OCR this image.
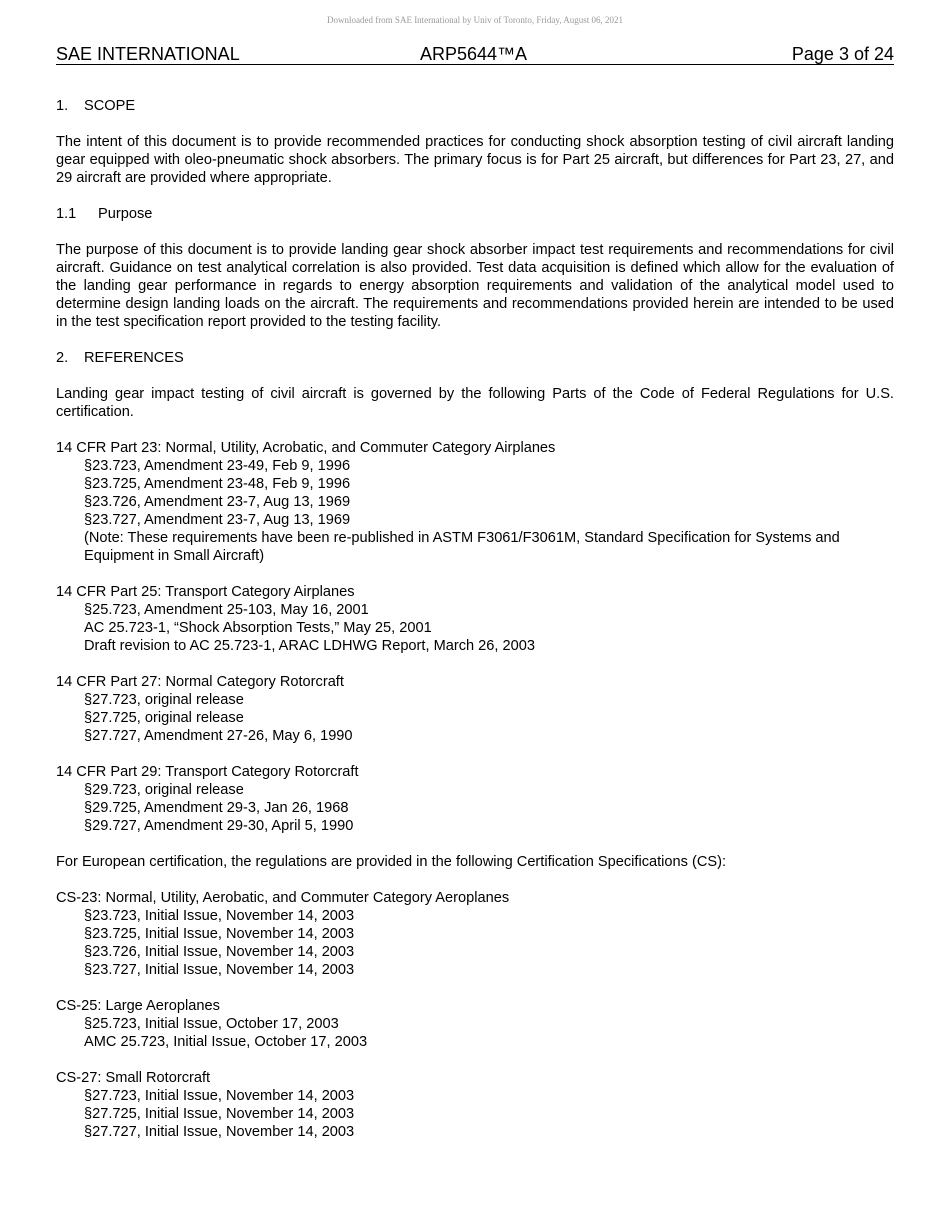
Downloaded from SAE International by Univ of Toronto, Friday, August 06, 2021
SAE INTERNATIONAL	ARP5644™A	Page 3 of 24
1. SCOPE

The intent of this document is to provide recommended practices for conducting shock absorption testing of civil aircraft landing gear equipped with oleo-pneumatic shock absorbers. The primary focus is for Part 25 aircraft, but differences for Part 23, 27, and 29 aircraft are provided where appropriate.

1.1 Purpose

The purpose of this document is to provide landing gear shock absorber impact test requirements and recommendations for civil aircraft. Guidance on test analytical correlation is also provided. Test data acquisition is defined which allow for the evaluation of the landing gear performance in regards to energy absorption requirements and validation of the analytical model used to determine design landing loads on the aircraft. The requirements and recommendations provided herein are intended to be used in the test specification report provided to the testing facility.

2. REFERENCES

Landing gear impact testing of civil aircraft is governed by the following Parts of the Code of Federal Regulations for U.S. certification.

14 CFR Part 23: Normal, Utility, Acrobatic, and Commuter Category Airplanes
§23.723, Amendment 23-49, Feb 9, 1996
§23.725, Amendment 23-48, Feb 9, 1996
§23.726, Amendment 23-7, Aug 13, 1969
§23.727, Amendment 23-7, Aug 13, 1969
(Note: These requirements have been re-published in ASTM F3061/F3061M, Standard Specification for Systems and Equipment in Small Aircraft)
14 CFR Part 25: Transport Category Airplanes
§25.723, Amendment 25-103, May 16, 2001
AC 25.723-1, “Shock Absorption Tests,” May 25, 2001
Draft revision to AC 25.723-1, ARAC LDHWG Report, March 26, 2003
14 CFR Part 27: Normal Category Rotorcraft
§27.723, original release
§27.725, original release
§27.727, Amendment 27-26, May 6, 1990
14 CFR Part 29: Transport Category Rotorcraft
§29.723, original release
§29.725, Amendment 29-3, Jan 26, 1968
§29.727, Amendment 29-30, April 5, 1990

For European certification, the regulations are provided in the following Certification Specifications (CS):

CS-23: Normal, Utility, Aerobatic, and Commuter Category Aeroplanes
§23.723, Initial Issue, November 14, 2003
§23.725, Initial Issue, November 14, 2003
§23.726, Initial Issue, November 14, 2003
§23.727, Initial Issue, November 14, 2003
CS-25: Large Aeroplanes
§25.723, Initial Issue, October 17, 2003
AMC 25.723, Initial Issue, October 17, 2003
CS-27: Small Rotorcraft
§27.723, Initial Issue, November 14, 2003
§27.725, Initial Issue, November 14, 2003
§27.727, Initial Issue, November 14, 2003
